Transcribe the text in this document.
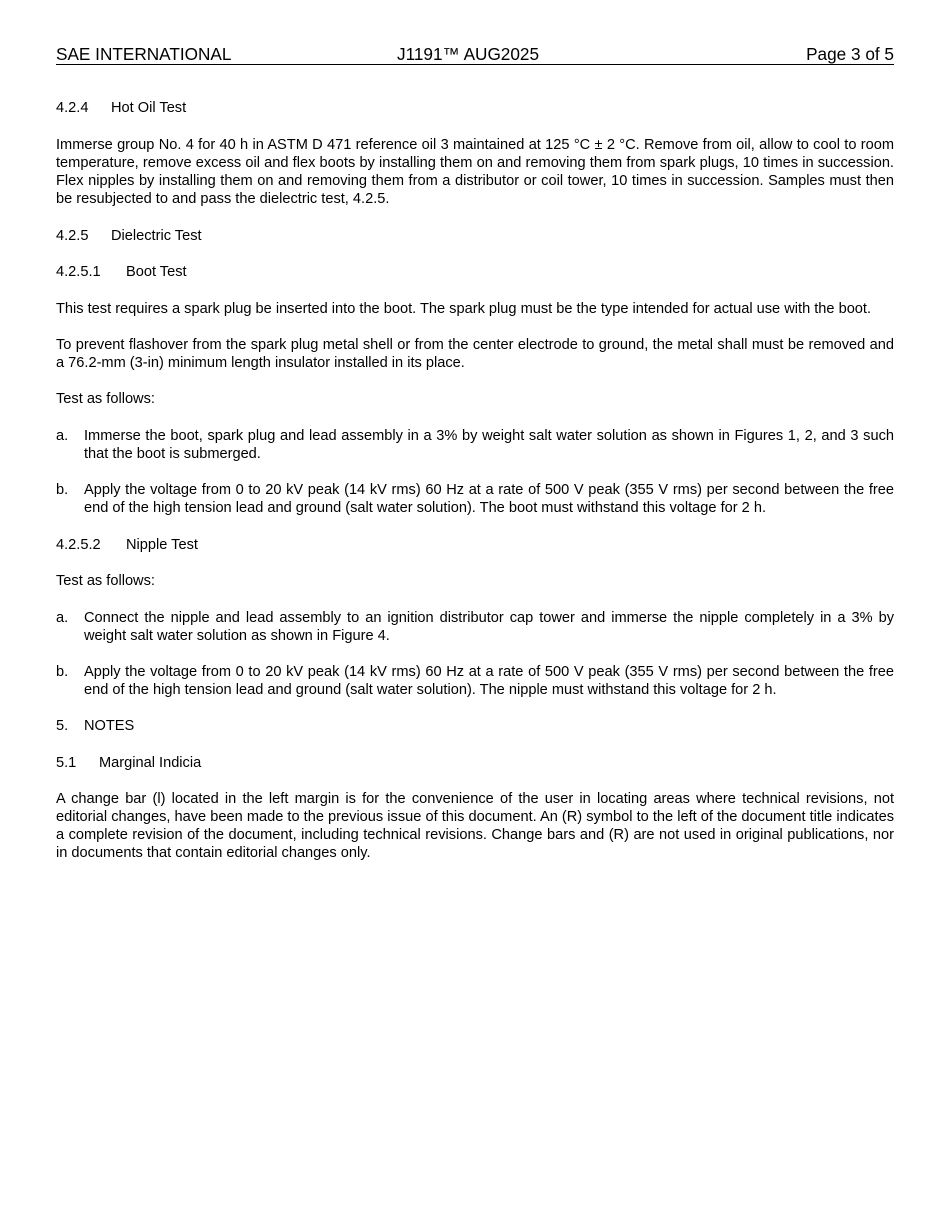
SAE INTERNATIONAL	J1191™ AUG2025	Page 3 of 5

4.2.4 Hot Oil Test

Immerse group No. 4 for 40 h in ASTM D 471 reference oil 3 maintained at 125 °C ± 2 °C. Remove from oil, allow to cool to room temperature, remove excess oil and flex boots by installing them on and removing them from spark plugs, 10 times in succession. Flex nipples by installing them on and removing them from a distributor or coil tower, 10 times in succession. Samples must then be resubjected to and pass the dielectric test, 4.2.5.

4.2.5 Dielectric Test

4.2.5.1 Boot Test

This test requires a spark plug be inserted into the boot. The spark plug must be the type intended for actual use with the boot.

To prevent flashover from the spark plug metal shell or from the center electrode to ground, the metal shall must be removed and a 76.2-mm (3-in) minimum length insulator installed in its place.

Test as follows:

a. Immerse the boot, spark plug and lead assembly in a 3% by weight salt water solution as shown in Figures 1, 2, and 3 such that the boot is submerged.
b. Apply the voltage from 0 to 20 kV peak (14 kV rms) 60 Hz at a rate of 500 V peak (355 V rms) per second between the free end of the high tension lead and ground (salt water solution). The boot must withstand this voltage for 2 h.

4.2.5.2 Nipple Test

Test as follows:

a. Connect the nipple and lead assembly to an ignition distributor cap tower and immerse the nipple completely in a 3% by weight salt water solution as shown in Figure 4.
b. Apply the voltage from 0 to 20 kV peak (14 kV rms) 60 Hz at a rate of 500 V peak (355 V rms) per second between the free end of the high tension lead and ground (salt water solution). The nipple must withstand this voltage for 2 h.

5. NOTES

5.1 Marginal Indicia

A change bar (l) located in the left margin is for the convenience of the user in locating areas where technical revisions, not editorial changes, have been made to the previous issue of this document. An (R) symbol to the left of the document title indicates a complete revision of the document, including technical revisions. Change bars and (R) are not used in original publications, nor in documents that contain editorial changes only.
